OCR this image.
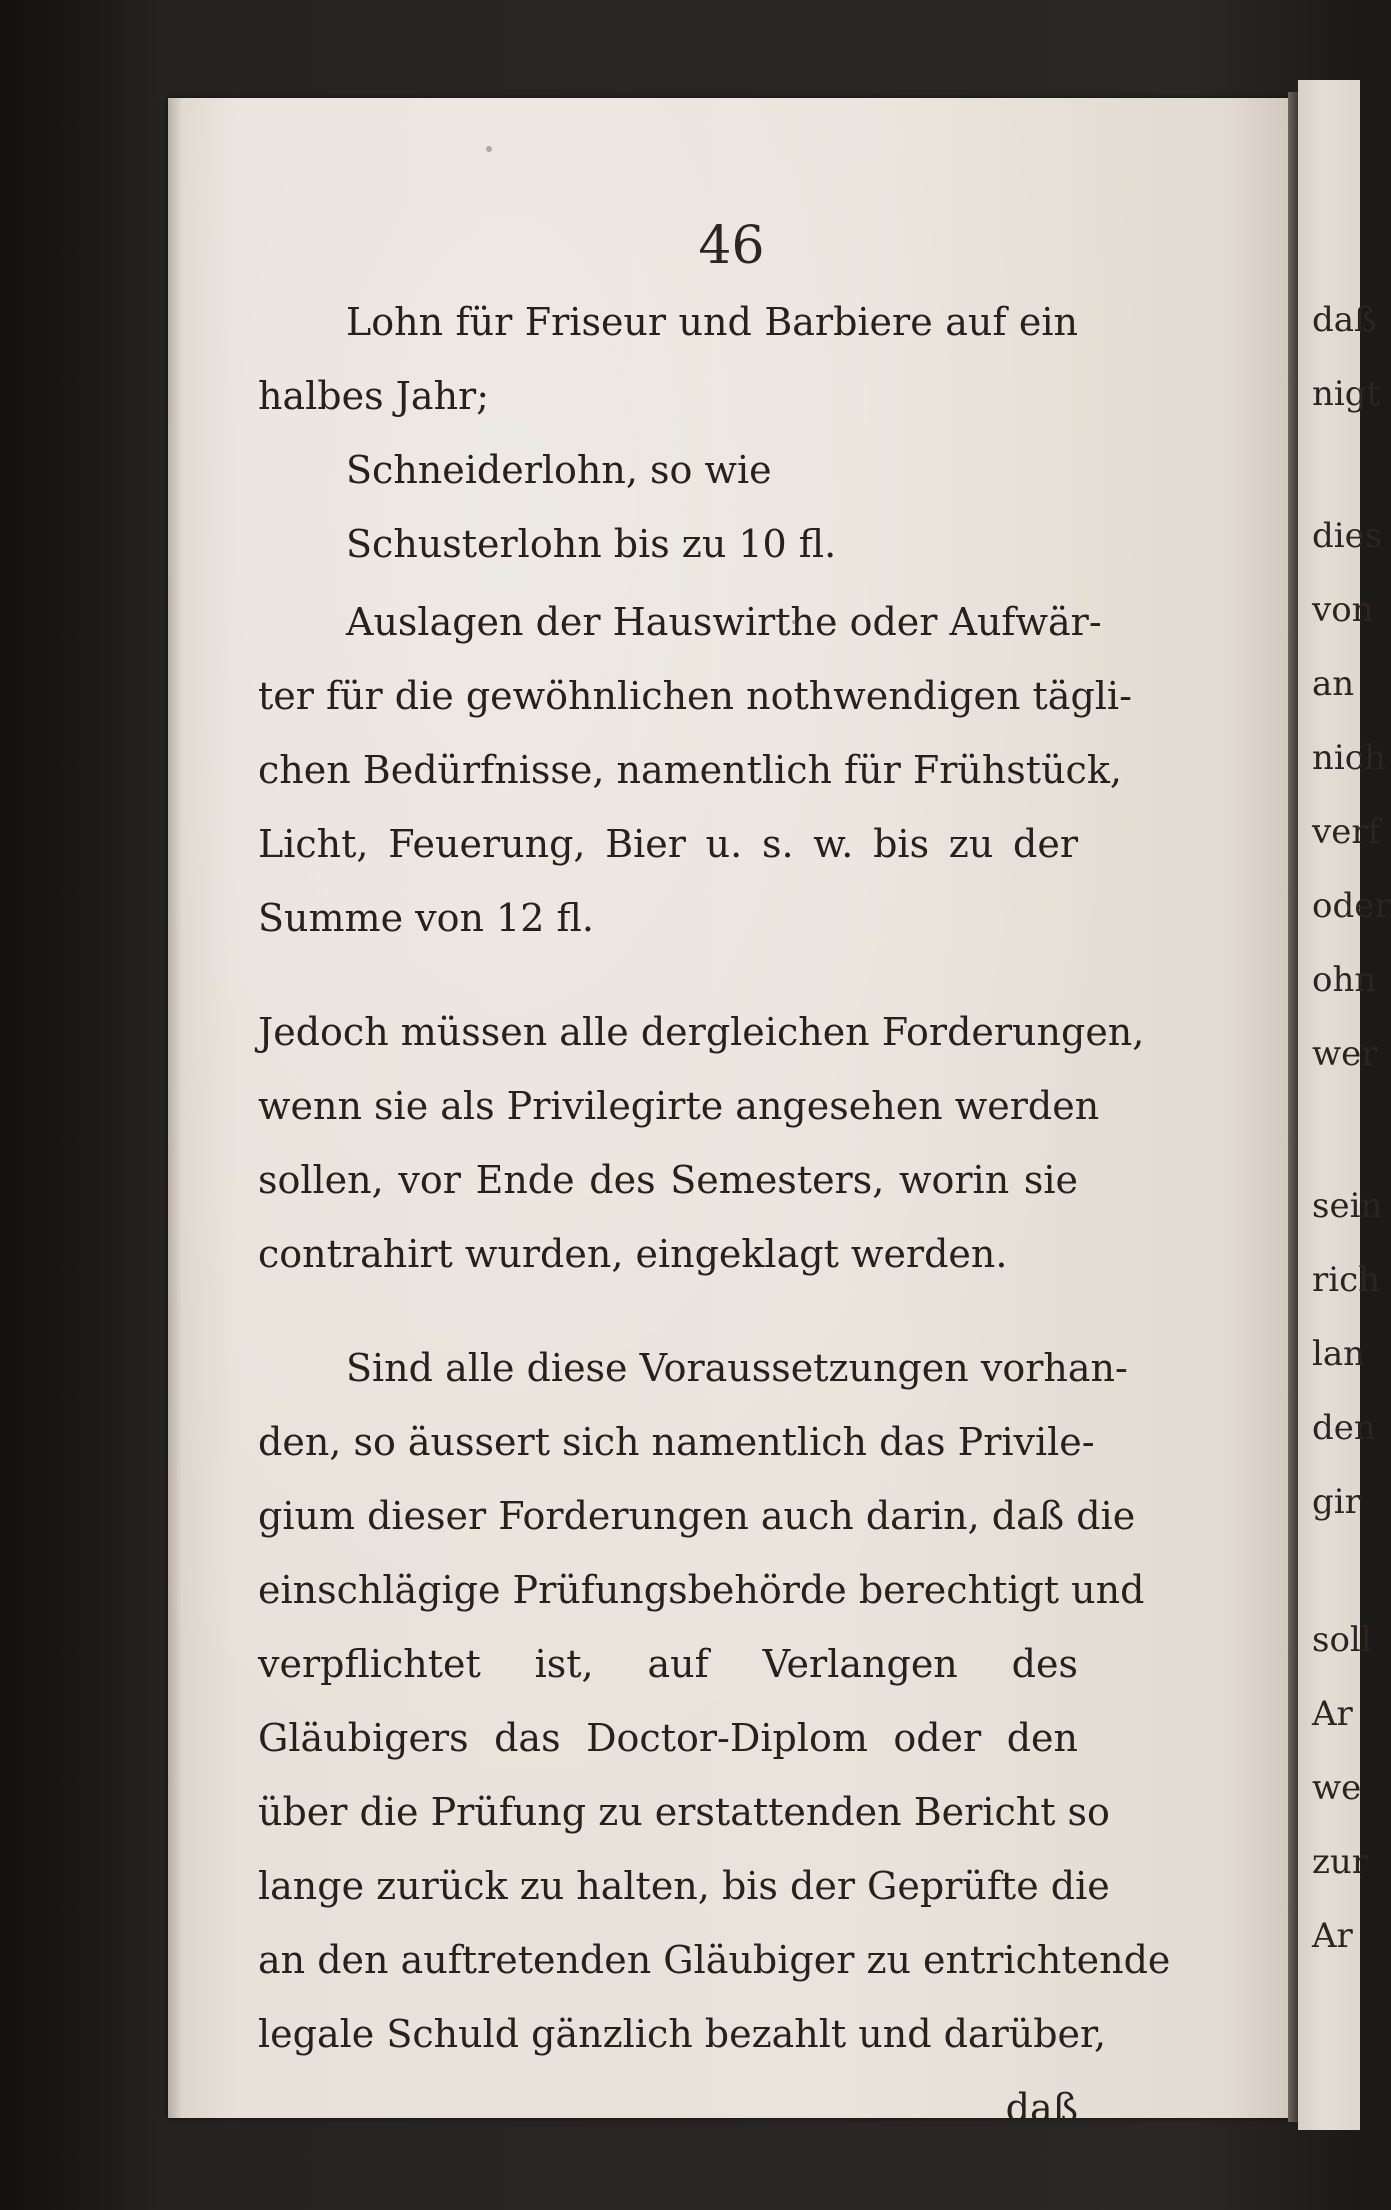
46
Lohn für Friseur und Barbiere auf ein
halbes Jahr;
Schneiderlohn, so wie
Schusterlohn bis zu 10 fl.
Auslagen der Hauswirthe oder Aufwär-
ter für die gewöhnlichen nothwendigen tägli-
chen Bedürfnisse, namentlich für Frühstück,
Licht, Feuerung, Bier u. s. w. bis zu der
Summe von 12 fl.
Jedoch müssen alle dergleichen Forderungen,
wenn sie als Privilegirte angesehen werden
sollen, vor Ende des Semesters, worin sie
contrahirt wurden, eingeklagt werden.
Sind alle diese Voraussetzungen vorhan-
den, so äussert sich namentlich das Privile-
gium dieser Forderungen auch darin, daß die
einschlägige Prüfungsbehörde berechtigt und
verpflichtet ist, auf Verlangen des
Gläubigers das Doctor-Diplom oder den
über die Prüfung zu erstattenden Bericht so
lange zurück zu halten, bis der Geprüfte die
an den auftretenden Gläubiger zu entrichtende
legale Schuld gänzlich bezahlt und darüber,
daß
daß
nigt
dies
von
an
nich
verf
oder
ohn
wer
sein
rich
lan
den
gir
soll
Ar
we
zur
Ar
